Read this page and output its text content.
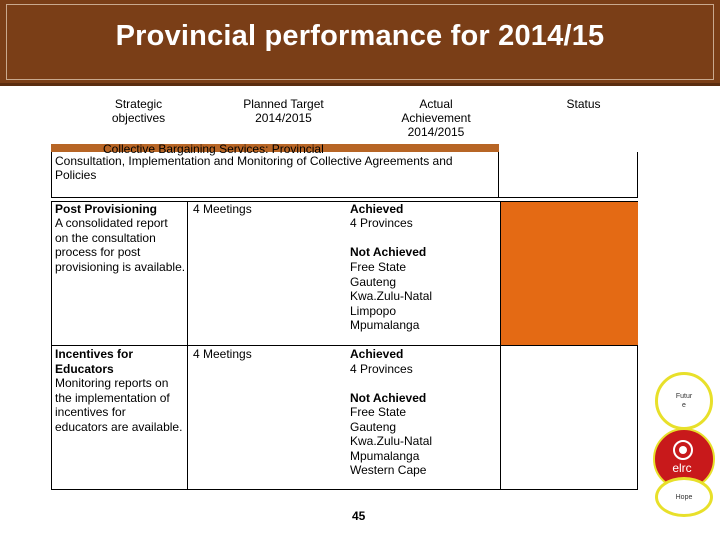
Provincial performance for 2014/15
Strategic
objectives
Planned Target
2014/2015
Actual
Achievement
2014/2015
Status
Collective Bargaining Services: Provincial
Consultation, Implementation and Monitoring of Collective Agreements and
Policies
Post Provisioning
A consolidated report
on the consultation
process for post
provisioning is available.
4 Meetings	Achieved
4 Provinces
Not Achieved
Free State
Gauteng
Kwa.Zulu-Natal
Limpopo
Mpumalanga
Incentives for
Educators
Monitoring reports on
the implementation of
incentives for
educators are available.
4 Meetings	Achieved
4 Provinces
Not Achieved
Free State
Gauteng
Kwa.Zulu-Natal
Mpumalanga
Western Cape
45
Futur
e
elrc
Hope
